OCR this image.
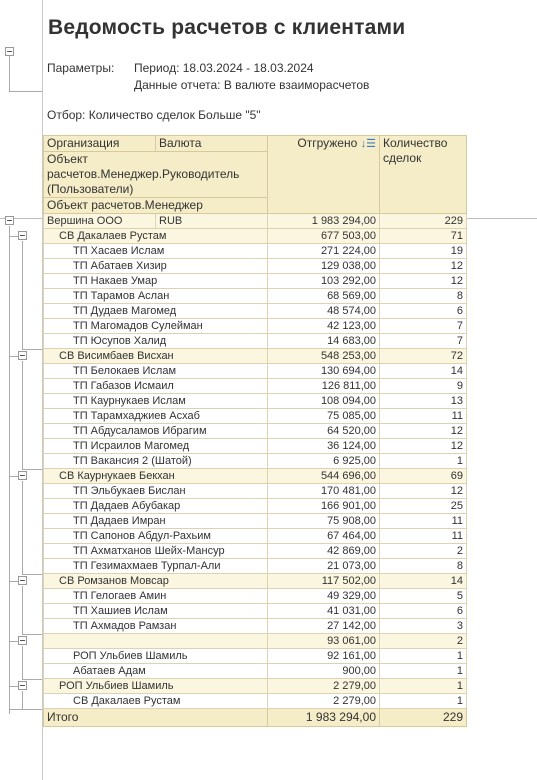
Ведомость расчетов с клиентами
Параметры: Период: 18.03.2024 - 18.03.2024
Данные отчета: В валюте взаиморасчетов
Отбор: Количество сделок Больше "5"
Организация	Валюта	Отгружено ↓☰	Количество
сделок
Объект
расчетов.Менеджер.Руководитель
(Пользователи)			
Объект расчетов.Менеджер			
Вершина ООО	RUB	1 983 294,00	229
СВ Дакалаев Рустам		677 503,00	71
ТП Хасаев Ислам		271 224,00	19
ТП Абатаев Хизир		129 038,00	12
ТП Накаев Умар		103 292,00	12
ТП Тарамов Аслан		68 569,00	8
ТП Дудаев Магомед		48 574,00	6
ТП Магомадов Сулейман		42 123,00	7
ТП Юсупов Халид		14 683,00	7
СВ Висимбаев Висхан		548 253,00	72
ТП Белокаев Ислам		130 694,00	14
ТП Габазов Исмаил		126 811,00	9
ТП Каурнукаев Ислам		108 094,00	13
ТП Тарамхаджиев Асхаб		75 085,00	11
ТП Абдусаламов Ибрагим		64 520,00	12
ТП Исраилов Магомед		36 124,00	12
ТП Вакансия 2 (Шатой)		6 925,00	1
СВ Каурнукаев Бекхан		544 696,00	69
ТП Эльбукаев Бислан		170 481,00	12
ТП Дадаев Абубакар		166 901,00	25
ТП Дадаев Имран		75 908,00	11
ТП Сапонов Абдул-Рахьим		67 464,00	11
ТП Ахматханов Шейх-Мансур		42 869,00	2
ТП Гезимахмаев Турпал-Али		21 073,00	8
СВ Ромзанов Мовсар		117 502,00	14
ТП Гелогаев Амин		49 329,00	5
ТП Хашиев Ислам		41 031,00	6
ТП Ахмадов Рамзан		27 142,00	3
		93 061,00	2
РОП Ульбиев Шамиль		92 161,00	1
Абатаев Адам		900,00	1
РОП Ульбиев Шамиль		2 279,00	1
СВ Дакалаев Рустам		2 279,00	1
Итого		1 983 294,00	229
